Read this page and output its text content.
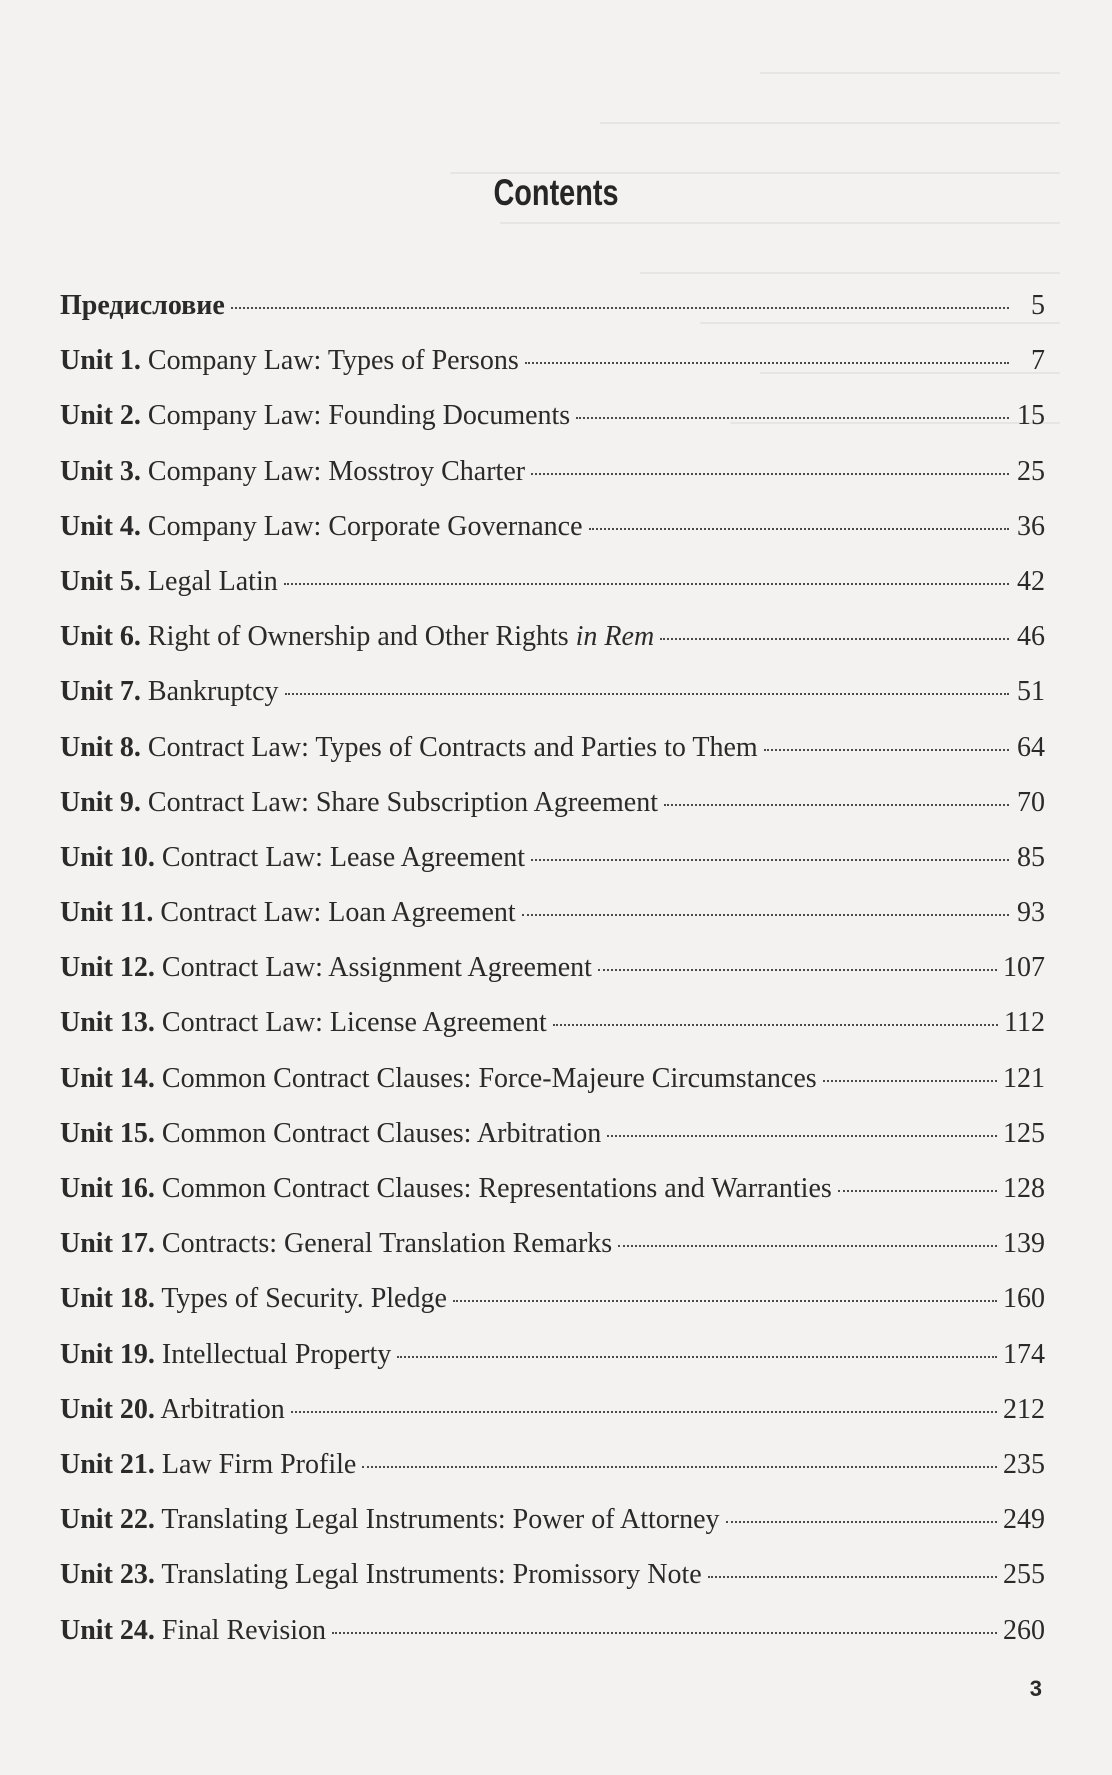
Contents
Предисловие	5
Unit 1. Company Law: Types of Persons	7
Unit 2. Company Law: Founding Documents	15
Unit 3. Company Law: Mosstroy Charter	25
Unit 4. Company Law: Corporate Governance	36
Unit 5. Legal Latin	42
Unit 6. Right of Ownership and Other Rights in Rem	46
Unit 7. Bankruptcy	51
Unit 8. Contract Law: Types of Contracts and Parties to Them	64
Unit 9. Contract Law: Share Subscription Agreement	70
Unit 10. Contract Law: Lease Agreement	85
Unit 11. Contract Law: Loan Agreement	93
Unit 12. Contract Law: Assignment Agreement	107
Unit 13. Contract Law: License Agreement	112
Unit 14. Common Contract Clauses: Force-Majeure Circumstances	121
Unit 15. Common Contract Clauses: Arbitration	125
Unit 16. Common Contract Clauses: Representations and Warranties	128
Unit 17. Contracts: General Translation Remarks	139
Unit 18. Types of Security. Pledge	160
Unit 19. Intellectual Property	174
Unit 20. Arbitration	212
Unit 21. Law Firm Profile	235
Unit 22. Translating Legal Instruments: Power of Attorney	249
Unit 23. Translating Legal Instruments: Promissory Note	255
Unit 24. Final Revision	260
3
